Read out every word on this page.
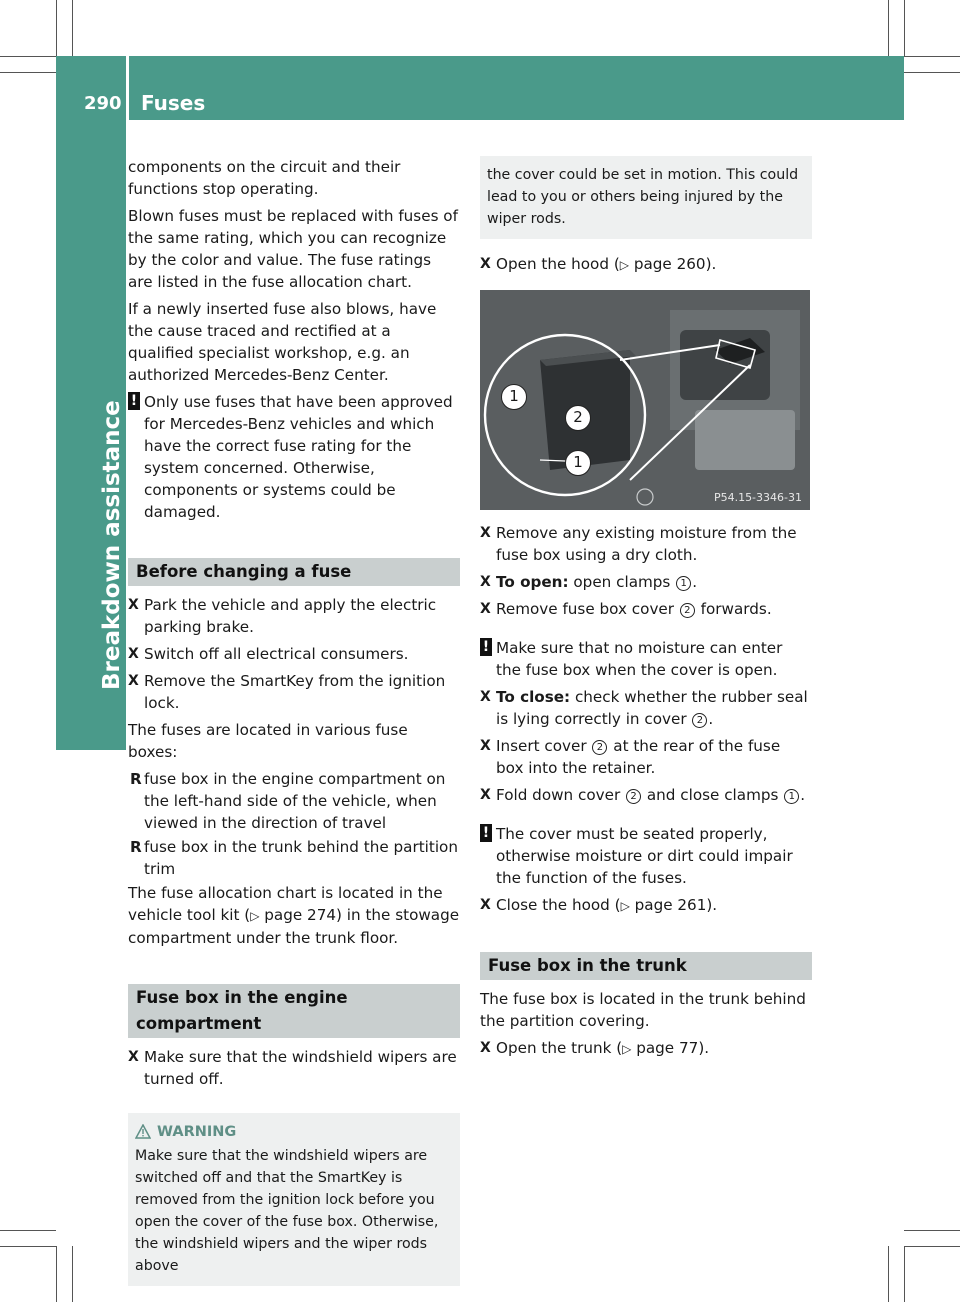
290 Fuses
Breakdown assistance

components on the circuit and their functions stop operating.

Blown fuses must be replaced with fuses of the same rating, which you can recognize by the color and value. The fuse ratings are listed in the fuse allocation chart.

If a newly inserted fuse also blows, have the cause traced and rectified at a qualified specialist workshop, e.g. an authorized Mercedes-Benz Center.

! Only use fuses that have been approved for Mercedes-Benz vehicles and which have the correct fuse rating for the system concerned. Otherwise, components or systems could be damaged.
Before changing a fuse
X Park the vehicle and apply the electric parking brake.
X Switch off all electrical consumers.
X Remove the SmartKey from the ignition lock.

The fuses are located in various fuse boxes:

R fuse box in the engine compartment on the left-hand side of the vehicle, when viewed in the direction of travel
R fuse box in the trunk behind the partition trim

The fuse allocation chart is located in the vehicle tool kit (▷ page 274) in the stowage compartment under the trunk floor.

Fuse box in the engine compartment
X Make sure that the windshield wipers are turned off.
WARNING
Make sure that the windshield wipers are switched off and that the SmartKey is removed from the ignition lock before you open the cover of the fuse box. Otherwise, the windshield wipers and the wiper rods above
the cover could be set in motion. This could lead to you or others being injured by the wiper rods.
X Open the hood (▷ page 260).
1
2
1
P54.15-3346-31
X Remove any existing moisture from the fuse box using a dry cloth.
X To open: open clamps 1 .
X Remove fuse box cover 2 forwards.
! Make sure that no moisture can enter the fuse box when the cover is open.
X To close: check whether the rubber seal is lying correctly in cover 2 .
X Insert cover 2 at the rear of the fuse box into the retainer.
X Fold down cover 2 and close clamps 1 .
! The cover must be seated properly, otherwise moisture or dirt could impair the function of the fuses.
X Close the hood (▷ page 261).
Fuse box in the trunk

The fuse box is located in the trunk behind the partition covering.

X Open the trunk (▷ page 77).
